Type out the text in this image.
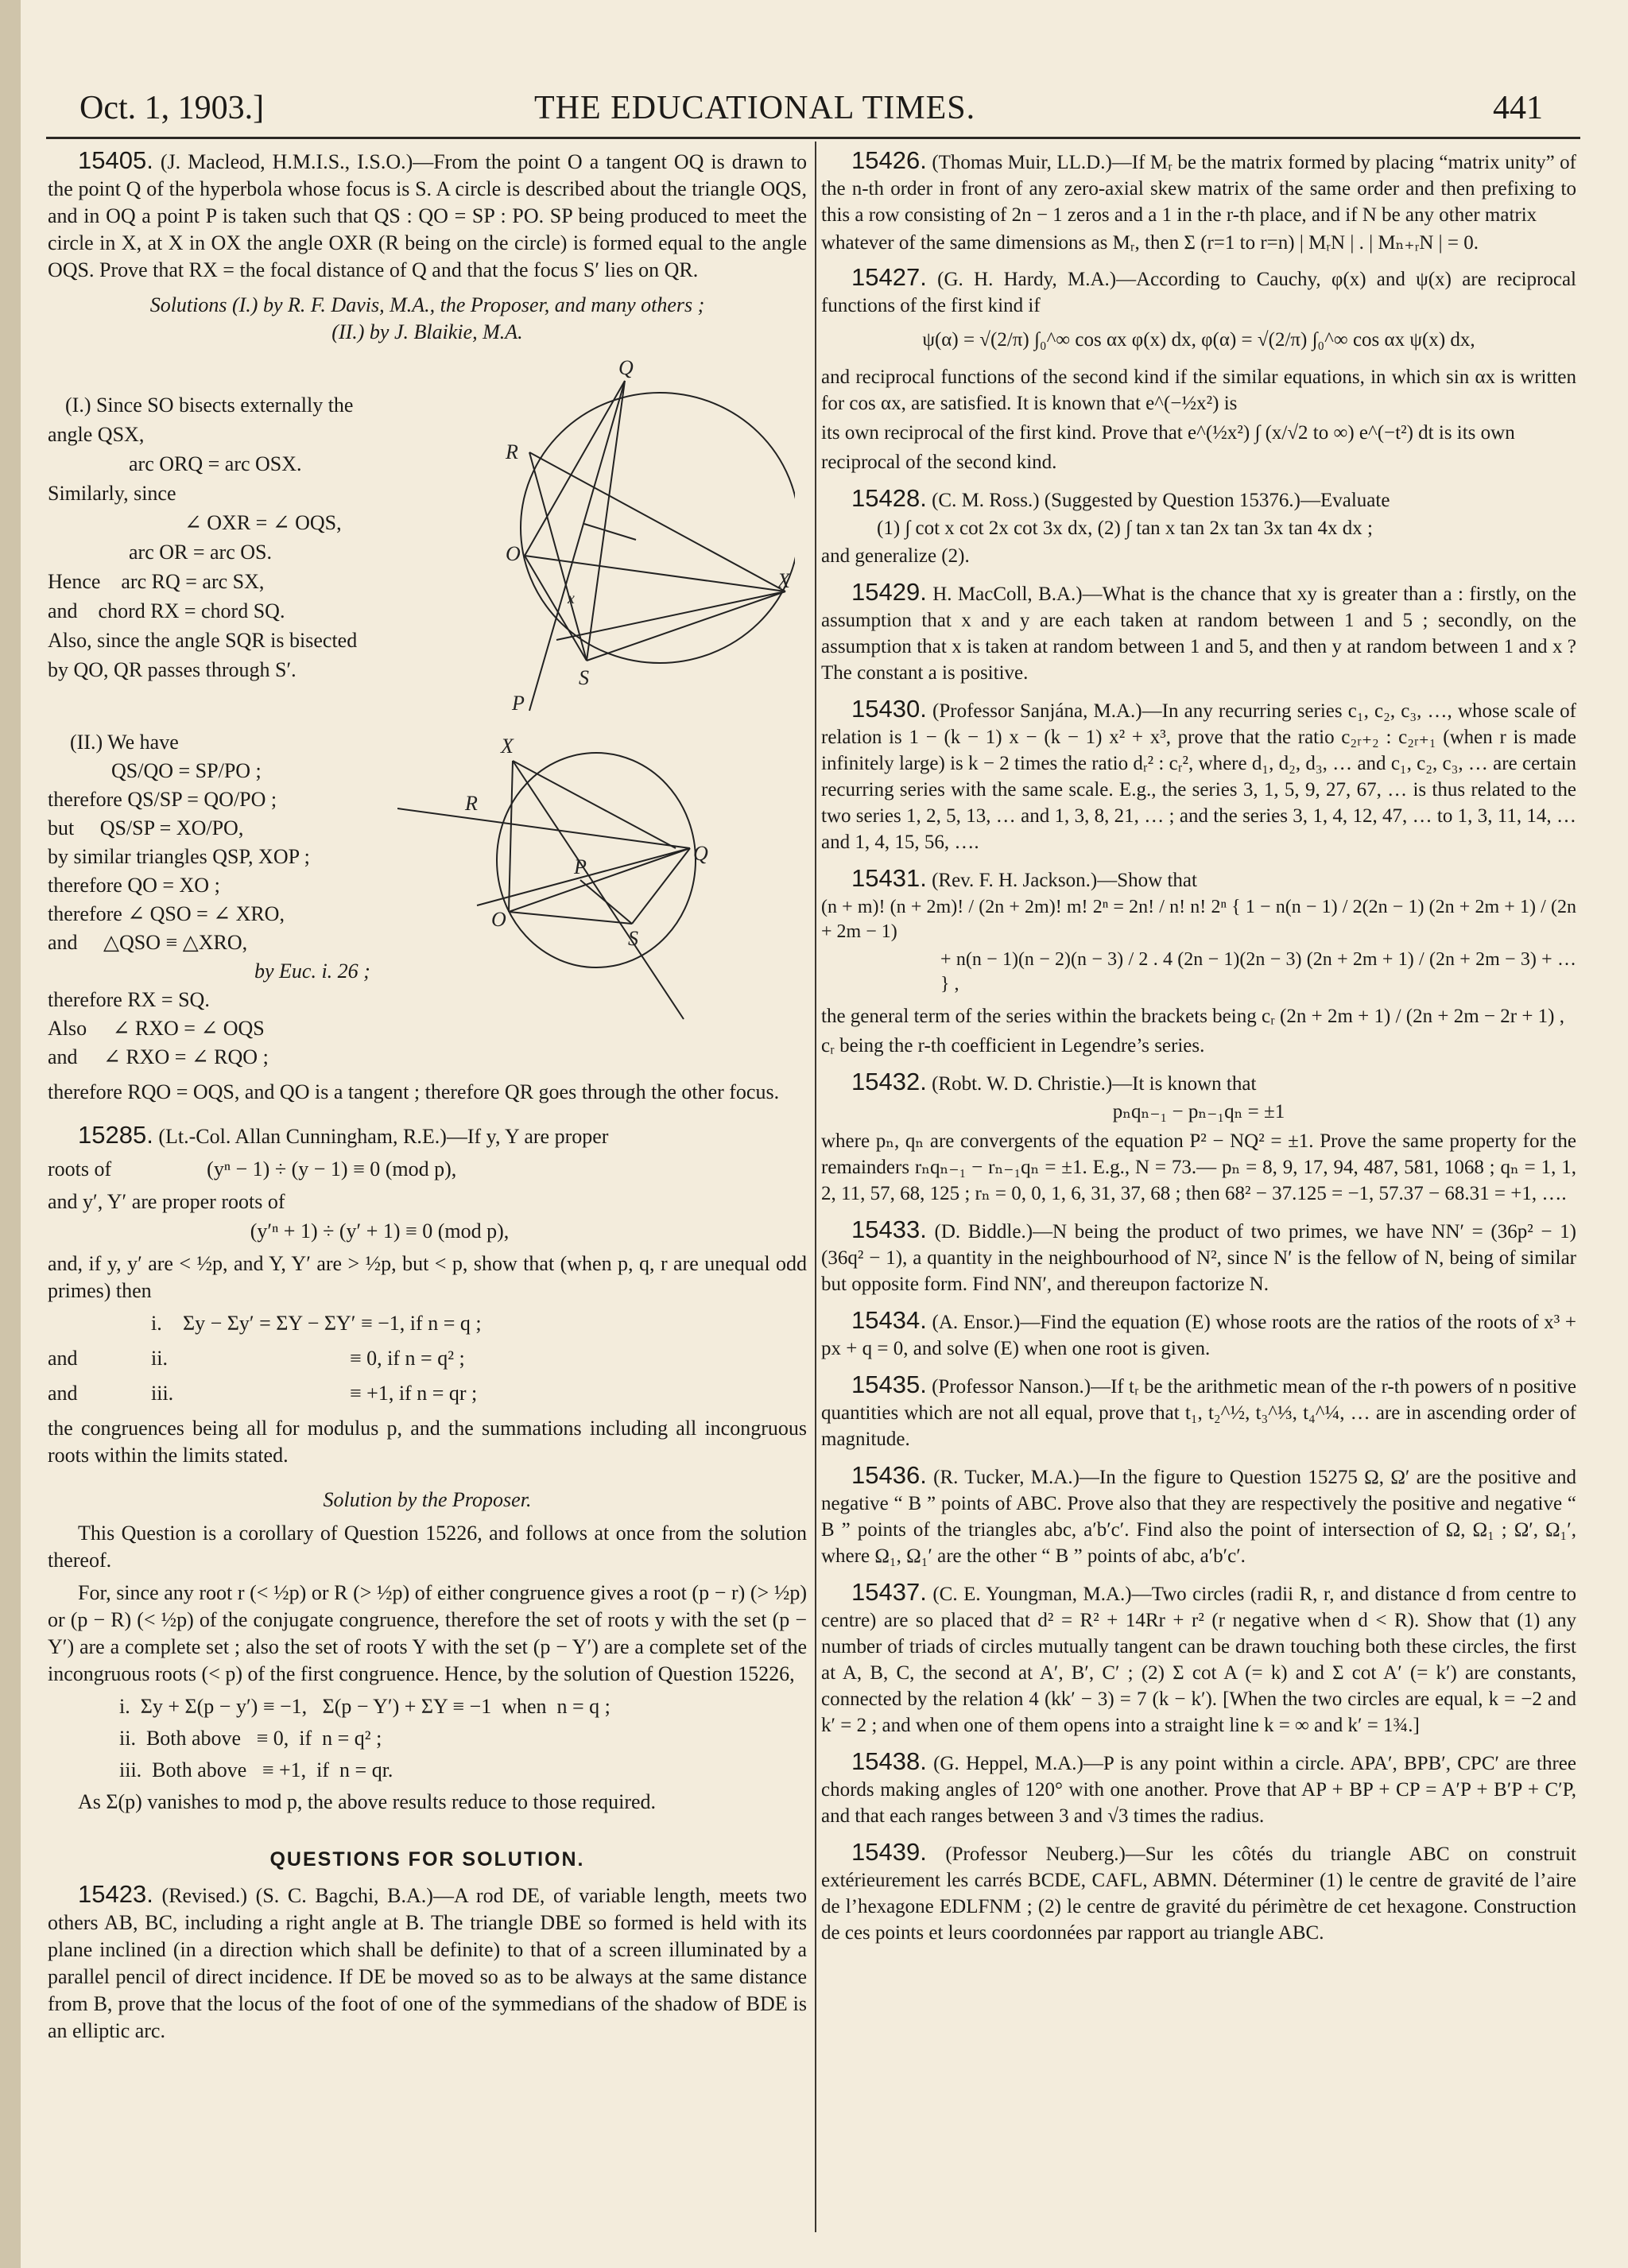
Oct. 1, 1903.]	THE EDUCATIONAL TIMES.	441

15405. (J. Macleod, H.M.I.S., I.S.O.)—From the point O a tangent OQ is drawn to the point Q of the hyperbola whose focus is S. A circle is described about the triangle OQS, and in OQ a point P is taken such that QS : QO = SP : PO. SP being produced to meet the circle in X, at X in OX the angle OXR (R being on the circle) is formed equal to the angle OQS. Prove that RX = the focal distance of Q and that the focus S′ lies on QR.

Solutions (I.) by R. F. Davis, M.A., the Proposer, and many others ;

(II.) by J. Blaikie, M.A.

(I.) Since SO bisects externally the
angle QSX,
arc ORQ = arc OSX.
Similarly, since
∠ OXR = ∠ OQS,
arc OR = arc OS.
Hence    arc RQ = arc SX,
and    chord RX = chord SQ.
Also, since the angle SQR is bisected
by QO, QR passes through S′.
Q
R
O
X
S
P
x
(II.) We have
QS/QO = SP/PO ;
therefore QS/SP = QO/PO ;
but     QS/SP = XO/PO,
by similar triangles QSP, XOP ;
therefore QO = XO ;
therefore ∠ QSO = ∠ XRO,
and     △QSO ≡ △XRO,
by Euc. i. 26 ;
therefore RX = SQ.
Also     ∠ RXO = ∠ OQS
and     ∠ RXO = ∠ RQO ;
X
R
P
Q
O
S

therefore RQO = OQS, and QO is a tangent ; therefore QR goes through the other focus.

15285. (Lt.-Col. Allan Cunningham, R.E.)—If y, Y are proper

roots of	(yⁿ − 1) ÷ (y − 1) ≡ 0 (mod p),

and y′, Y′ are proper roots of

(y′ⁿ + 1) ÷ (y′ + 1) ≡ 0 (mod p),

and, if y, y′ are < ½p, and Y, Y′ are > ½p, but < p, show that (when p, q, r are unequal odd primes) then

i. Σy − Σy′ = ΣY − ΣY′ ≡ −1, if n = q ;
and	ii.	≡ 0, if n = q² ;
and	iii.	≡ +1, if n = qr ;

the congruences being all for modulus p, and the summations including all incongruous roots within the limits stated.

Solution by the Proposer.

This Question is a corollary of Question 15226, and follows at once from the solution thereof.

For, since any root r (< ½p) or R (> ½p) of either congruence gives a root (p − r) (> ½p) or (p − R) (< ½p) of the conjugate congruence, therefore the set of roots y with the set (p − Y′) are a complete set ; also the set of roots Y with the set (p − Y′) are a complete set of the incongruous roots (< p) of the first congruence. Hence, by the solution of Question 15226,

i.  Σy + Σ(p − y′) ≡ −1,   Σ(p − Y′) + ΣY ≡ −1  when  n = q ;
ii.  Both above   ≡ 0,  if  n = q² ;
iii.  Both above   ≡ +1,  if  n = qr.

As Σ(p) vanishes to mod p, the above results reduce to those required.

QUESTIONS FOR SOLUTION.

15423. (Revised.) (S. C. Bagchi, B.A.)—A rod DE, of variable length, meets two others AB, BC, including a right angle at B. The triangle DBE so formed is held with its plane inclined (in a direction which shall be definite) to that of a screen illuminated by a parallel pencil of direct incidence. If DE be moved so as to be always at the same distance from B, prove that the locus of the foot of one of the symmedians of the shadow of BDE is an elliptic arc.

15426. (Thomas Muir, LL.D.)—If Mᵣ be the matrix formed by placing “matrix unity” of the n-th order in front of any zero-axial skew matrix of the same order and then prefixing to this a row consisting of 2n − 1 zeros and a 1 in the r-th place, and if N be any other matrix

whatever of the same dimensions as Mᵣ, then Σ (r=1 to r=n) | MᵣN | . | Mₙ₊ᵣN | = 0.

15427. (G. H. Hardy, M.A.)—According to Cauchy, φ(x) and ψ(x) are reciprocal functions of the first kind if

ψ(α) = √(2/π) ∫₀^∞ cos αx φ(x) dx, φ(α) = √(2/π) ∫₀^∞ cos αx ψ(x) dx,

and reciprocal functions of the second kind if the similar equations, in which sin αx is written for cos αx, are satisfied. It is known that e^(−½x²) is

its own reciprocal of the first kind. Prove that e^(½x²) ∫ (x/√2 to ∞) e^(−t²) dt is its own

reciprocal of the second kind.

15428. (C. M. Ross.) (Suggested by Question 15376.)—Evaluate

(1) ∫ cot x cot 2x cot 3x dx, (2) ∫ tan x tan 2x tan 3x tan 4x dx ;

and generalize (2).

15429. H. MacColl, B.A.)—What is the chance that xy is greater than a : firstly, on the assumption that x and y are each taken at random between 1 and 5 ; secondly, on the assumption that x is taken at random between 1 and 5, and then y at random between 1 and x ? The constant a is positive.

15430. (Professor Sanjána, M.A.)—In any recurring series c₁, c₂, c₃, …, whose scale of relation is 1 − (k − 1) x − (k − 1) x² + x³, prove that the ratio c₂ᵣ₊₂ : c₂ᵣ₊₁ (when r is made infinitely large) is k − 2 times the ratio dᵣ² : cᵣ², where d₁, d₂, d₃, … and c₁, c₂, c₃, … are certain recurring series with the same scale. E.g., the series 3, 1, 5, 9, 27, 67, … is thus related to the two series 1, 2, 5, 13, … and 1, 3, 8, 21, … ; and the series 3, 1, 4, 12, 47, … to 1, 3, 11, 14, … and 1, 4, 15, 56, ….

15431. (Rev. F. H. Jackson.)—Show that

(n + m)! (n + 2m)! / (2n + 2m)! m! 2ⁿ = 2n! / n! n! 2ⁿ { 1 − n(n − 1) / 2(2n − 1) (2n + 2m + 1) / (2n + 2m − 1)

+ n(n − 1)(n − 2)(n − 3) / 2 . 4 (2n − 1)(2n − 3) (2n + 2m + 1) / (2n + 2m − 3) + … } ,

the general term of the series within the brackets being cᵣ (2n + 2m + 1) / (2n + 2m − 2r + 1) ,

cᵣ being the r-th coefficient in Legendre’s series.

15432. (Robt. W. D. Christie.)—It is known that

pₙqₙ₋₁ − pₙ₋₁qₙ = ±1

where pₙ, qₙ are convergents of the equation P² − NQ² = ±1. Prove the same property for the remainders rₙqₙ₋₁ − rₙ₋₁qₙ = ±1. E.g., N = 73.— pₙ = 8, 9, 17, 94, 487, 581, 1068 ; qₙ = 1, 1, 2, 11, 57, 68, 125 ; rₙ = 0, 0, 1, 6, 31, 37, 68 ; then 68² − 37.125 = −1, 57.37 − 68.31 = +1, ….

15433. (D. Biddle.)—N being the product of two primes, we have NN′ = (36p² − 1)(36q² − 1), a quantity in the neighbourhood of N², since N′ is the fellow of N, being of similar but opposite form. Find NN′, and thereupon factorize N.

15434. (A. Ensor.)—Find the equation (E) whose roots are the ratios of the roots of x³ + px + q = 0, and solve (E) when one root is given.

15435. (Professor Nanson.)—If tᵣ be the arithmetic mean of the r-th powers of n positive quantities which are not all equal, prove that t₁, t₂^½, t₃^⅓, t₄^¼, … are in ascending order of magnitude.

15436. (R. Tucker, M.A.)—In the figure to Question 15275 Ω, Ω′ are the positive and negative “ B ” points of ABC. Prove also that they are respectively the positive and negative “ B ” points of the triangles abc, a′b′c′. Find also the point of intersection of Ω, Ω₁ ; Ω′, Ω₁′, where Ω₁, Ω₁′ are the other “ B ” points of abc, a′b′c′.

15437. (C. E. Youngman, M.A.)—Two circles (radii R, r, and distance d from centre to centre) are so placed that d² = R² + 14Rr + r² (r negative when d < R). Show that (1) any number of triads of circles mutually tangent can be drawn touching both these circles, the first at A, B, C, the second at A′, B′, C′ ; (2) Σ cot A (= k) and Σ cot A′ (= k′) are constants, connected by the relation 4 (kk′ − 3) = 7 (k − k′). [When the two circles are equal, k = −2 and k′ = 2 ; and when one of them opens into a straight line k = ∞ and k′ = 1¾.]

15438. (G. Heppel, M.A.)—P is any point within a circle. APA′, BPB′, CPC′ are three chords making angles of 120° with one another. Prove that AP + BP + CP = A′P + B′P + C′P, and that each ranges between 3 and √3 times the radius.

15439. (Professor Neuberg.)—Sur les côtés du triangle ABC on construit extérieurement les carrés BCDE, CAFL, ABMN. Déterminer (1) le centre de gravité de l’aire de l’hexagone EDLFNM ; (2) le centre de gravité du périmètre de cet hexagone. Construction de ces points et leurs coordonnées par rapport au triangle ABC.
